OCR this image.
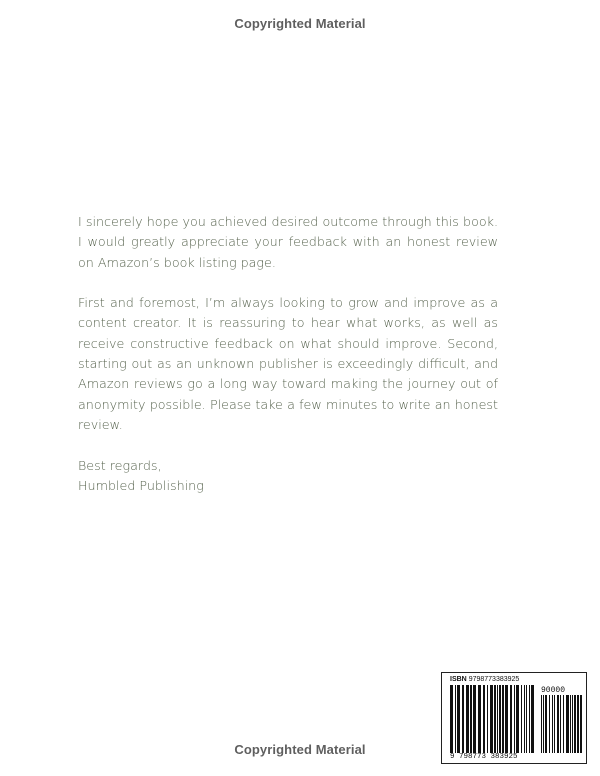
Copyrighted Material

I sincerely hope you achieved desired outcome through this book. I would greatly appreciate your feedback with an honest review on Amazon’s book listing page.

First and foremost, I’m always looking to grow and improve as a content creator. It is reassuring to hear what works, as well as receive constructive feedback on what should improve. Second, starting out as an unknown publisher is exceedingly difficult, and Amazon reviews go a long way toward making the journey out of anonymity possible. Please take a few minutes to write an honest review.

Best regards,

Humbled Publishing

ISBN 9798773383925
90000
9 798773 383925
Copyrighted Material
